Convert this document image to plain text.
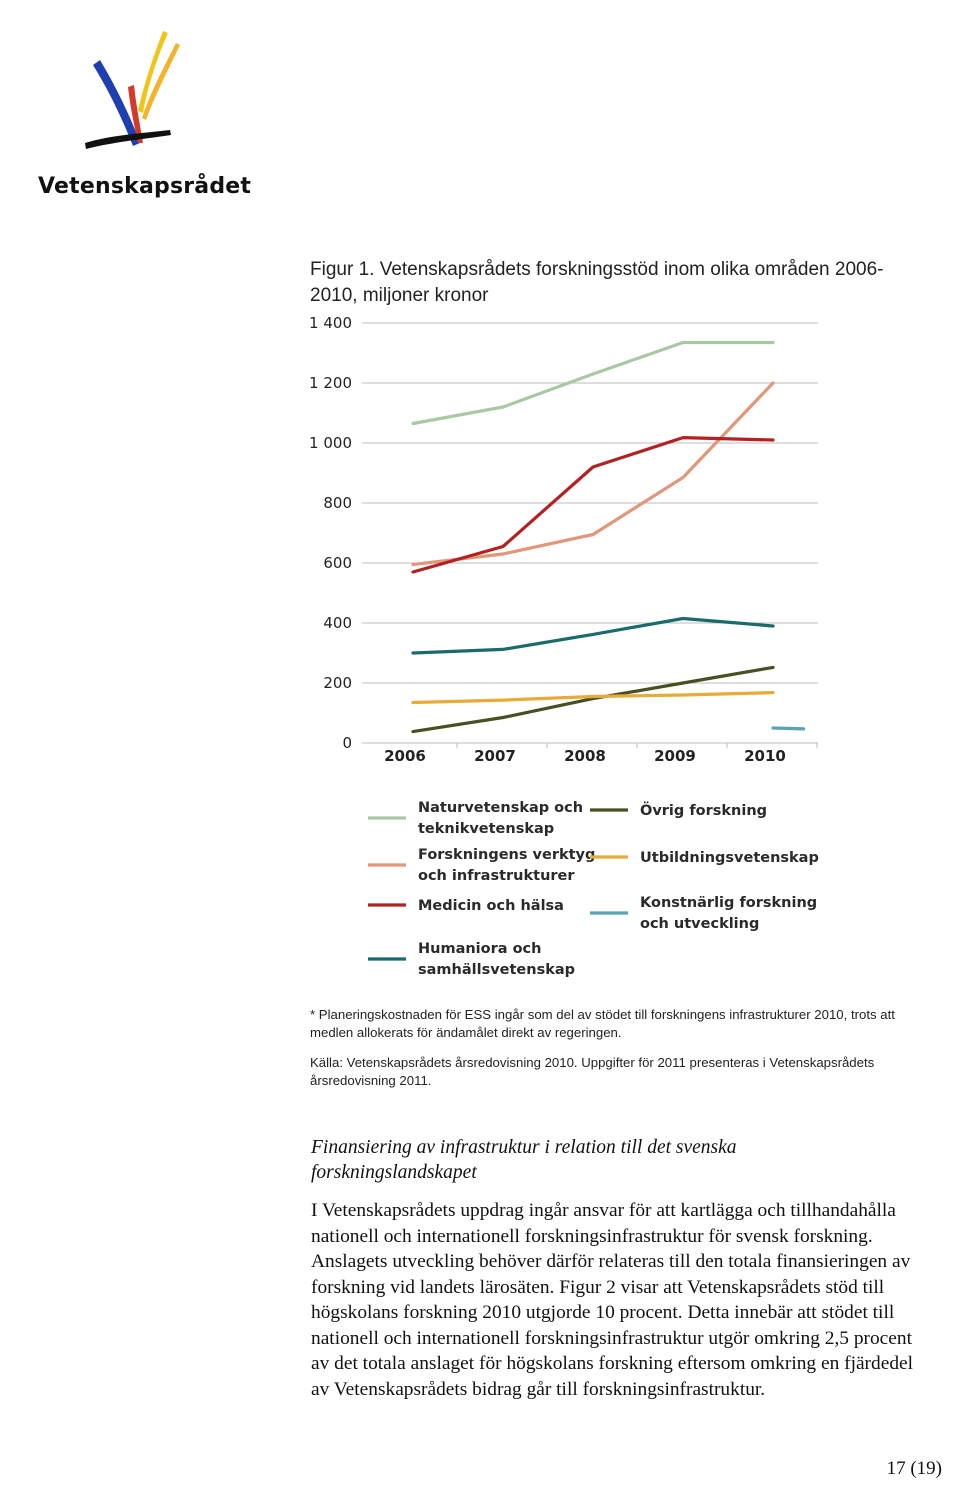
Vetenskapsrådet
Figur 1. Vetenskapsrådets forskningsstöd inom olika områden 2006-2010, miljoner kronor
0
200
400
600
800
1 000
1 200
1 400
2006	2007	2008	2009	2010
Naturvetenskap och
teknikvetenskap
Forskningens verktyg
och infrastrukturer
Medicin och hälsa
Humaniora och
samhällsvetenskap
Övrig forskning
Utbildningsvetenskap
Konstnärlig forskning
och utveckling
* Planeringskostnaden för ESS ingår som del av stödet till forskningens infrastrukturer 2010, trots att medlen allokerats för ändamålet direkt av regeringen.
Källa: Vetenskapsrådets årsredovisning 2010. Uppgifter för 2011 presenteras i Vetenskapsrådets årsredovisning 2011.
Finansiering av infrastruktur i relation till det svenska forskningslandskapet
I Vetenskapsrådets uppdrag ingår ansvar för att kartlägga och tillhandahålla nationell och internationell forskningsinfrastruktur för svensk forskning. Anslagets utveckling behöver därför relateras till den totala finansieringen av forskning vid landets lärosäten. Figur 2 visar att Vetenskapsrådets stöd till högskolans forskning 2010 utgjorde 10 procent. Detta innebär att stödet till nationell och internationell forskningsinfrastruktur utgör omkring 2,5 procent av det totala anslaget för högskolans forskning eftersom omkring en fjärdedel av Vetenskapsrådets bidrag går till forskningsinfrastruktur.
17 (19)
